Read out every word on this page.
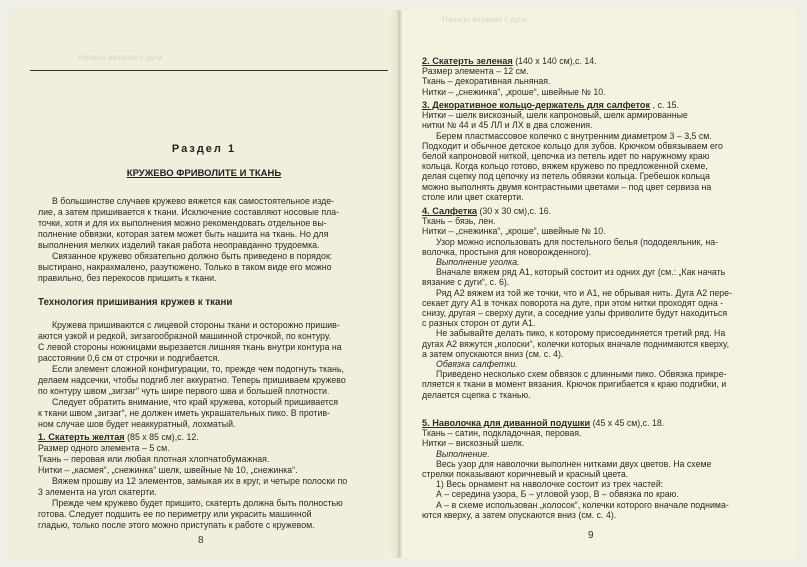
Начало вязания с дуги
Раздел 1
КРУЖЕВО ФРИВОЛИТЕ И ТКАНЬ
В большинстве случаев кружево вяжется как самостоятельное изде-
лие, а затем пришивается к ткани. Исключение составляют носовые пла-
точки, хотя и для их выполнения можно рекомендовать отдельное вы-
полнение обвязки, которая затем может быть нашита на ткань. Но для
выполнения мелких изделий такая работа неоправданно трудоемка.
Связанное кружево обязательно должно быть приведено в порядок:
выстирано, накрахмалено, разутюжено. Только в таком виде его можно
правильно, без перекосов пришить к ткани.
Технология пришивания кружев к ткани
Кружева пришиваются с лицевой стороны ткани и осторожно пришив-
аются узкой и редкой, зигзагообразной машинной строчкой, по контуру.
С левой стороны ножницами вырезается лишняя ткань внутри контура на
расстоянии 0,6 см от строчки и подгибается.
Если элемент сложной конфигурации, то, прежде чем подогнуть ткань,
делаем надсечки, чтобы подгиб лег аккуратно. Теперь пришиваем кружево
по контуру швом „зигзаг“ чуть шире первого шва и большей плотности.
Следует обратить внимание, что край кружева, который пришивается
к ткани швом „зигзаг“, не должен иметь украшательных пико. В против-
ном случае шов будет неаккуратный, лохматый.
1. Скатерть желтая (85 х 85 см),с. 12.
Размер одного элемента – 5 см.
Ткань – перовая или любая плотная хлопчатобумажная.
Нитки – „касмея“, „снежинка“ шелк, швейные № 10, „снежинка“.
Вяжем прошву из 12 элементов, замыкая их в круг, и четыре полоски по
3 элемента на угол скатерти.
Прежде чем кружево будет пришито, скатерть должна быть полностью
готова. Следует подшить ее по периметру или украсить машинной
гладью, только после этого можно приступать к работе с кружевом.
8
Начало вязания с дуги
2. Скатерть зеленая (140 х 140 см),с. 14.
Размер элемента – 12 см.
Ткань – декоративная льняная.
Нитки – „снежинка“, „кроше“, швейные № 10.
3. Декоративное кольцо-держатель для салфеток , с. 15.
Нитки – шелк вискозный, шелк капроновый, шелк армированные
нитки № 44 и 45 ЛЛ и ЛХ в два сложения.
Берем пластмассовое колечко с внутренним диаметром 3 – 3,5 см.
Подходит и обычное детское кольцо для зубов. Крючком обвязываем его
белой капроновой ниткой, цепочка из петель идет по наружному краю
кольца. Когда кольцо готово, вяжем кружево по предложенной схеме,
делая сцепку под цепочку из петель обвязки кольца. Гребешок кольца
можно выполнять двумя контрастными цветами – под цвет сервиза на
столе или цвет скатерти.
4. Салфетка (30 х 30 см),с. 16.
Ткань – бязь, лен.
Нитки – „снежинка“, „кроше“, швейные № 10.
Узор можно использовать для постельного белья (пододеяльник, на-
волочка, простыня для новорожденного).
Выполнение уголка.
Вначале вяжем ряд А1, который состоит из одних дуг (см.: „Как начать
вязание с дуги“, с. 6).
Ряд А2 вяжем из той же точки, что и А1, не обрывая нить. Дуга А2 пере-
секает дугу А1 в точках поворота на дуге, при этом нитки проходят одна -
снизу, другая – сверху дуги, а соседние узлы фриволите будут находиться
с разных сторон от дуги А1.
Не забывайте делать пико, к которому присоединяется третий ряд. На
дугах А2 вяжутся „колоски“, колечки которых вначале поднимаются кверху,
а затем опускаются вниз (см. с. 4).
Обвязка салфетки.
Приведено несколько схем обвязок с длинными пико. Обвязка прикре-
пляется к ткани в момент вязания. Крючок пригибается к краю подгибки, и
делается сцепка с тканью.
5. Наволочка для диванной подушки (45 х 45 см),с. 18.
Ткань – сатин, подкладочная, перовая.
Нитки – вискозный шелк.
Выполнение.
Весь узор для наволочки выполнен нитками двух цветов. На схеме
стрелки показывают коричневый и красный цвета.
1) Весь орнамент на наволочке состоит из трех частей:
А – середина узора, Б – угловой узор, В – обвязка по краю.
А – в схеме использован „колосок“, колечки которого вначале поднима-
ются кверху, а затем опускаются вниз (см. с. 4).
9
